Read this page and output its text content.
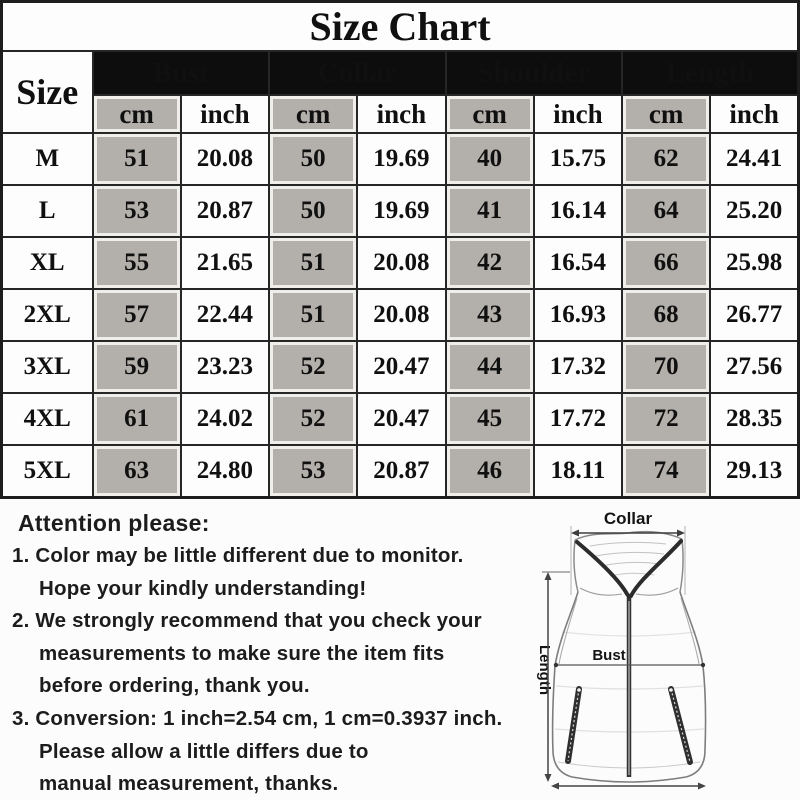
Size Chart								
Size	Bust		Collar		Shoulder		Length	
	cm	inch	cm	inch	cm	inch	cm	inch
M	51	20.08	50	19.69	40	15.75	62	24.41
L	53	20.87	50	19.69	41	16.14	64	25.20
XL	55	21.65	51	20.08	42	16.54	66	25.98
2XL	57	22.44	51	20.08	43	16.93	68	26.77
3XL	59	23.23	52	20.47	44	17.32	70	27.56
4XL	61	24.02	52	20.47	45	17.72	72	28.35
5XL	63	24.80	53	20.87	46	18.11	74	29.13
Attention please:
1. Color may be little different due to monitor.
Hope your kindly understanding!
2. We strongly recommend that you check your
measurements to make sure the item fits
before ordering, thank you.
3. Conversion: 1 inch=2.54 cm, 1 cm=0.3937 inch.
Please allow a little differs due to
manual measurement, thanks.
Collar
Bust
Length
